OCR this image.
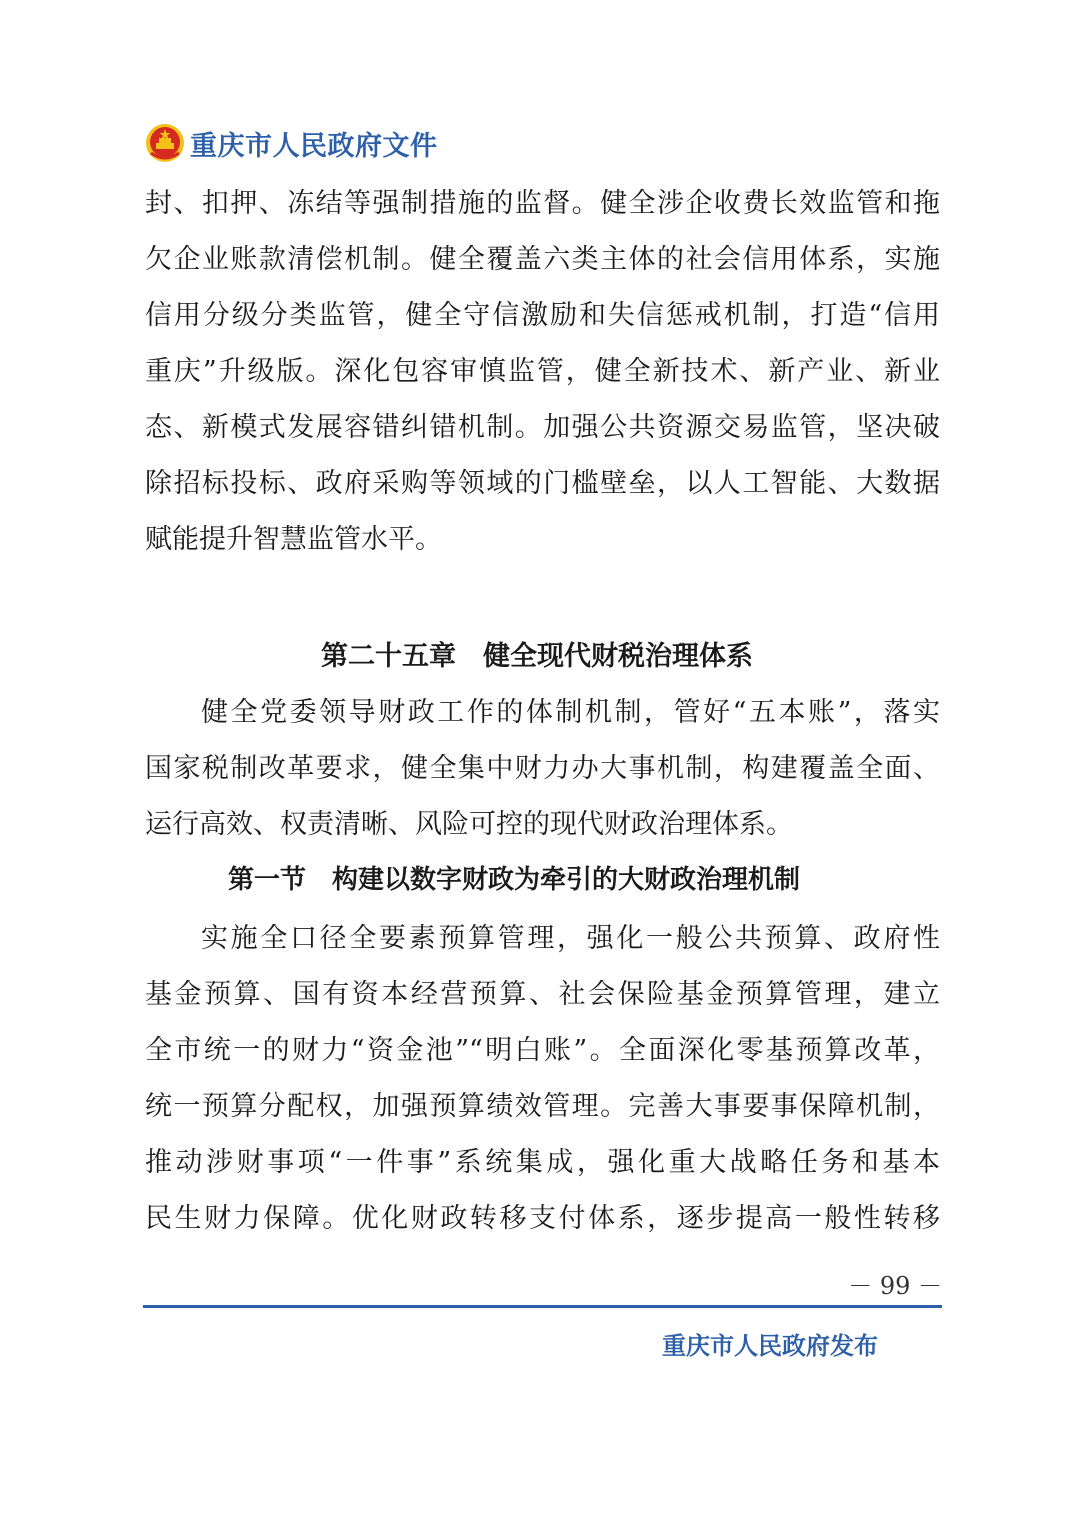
重庆市人民政府文件
封、扣押、冻结等强制措施的监督。健全涉企收费长效监管和拖
欠企业账款清偿机制。健全覆盖六类主体的社会信用体系，实施
信用分级分类监管，健全守信激励和失信惩戒机制，打造“信用
重庆”升级版。深化包容审慎监管，健全新技术、新产业、新业
态、新模式发展容错纠错机制。加强公共资源交易监管，坚决破
除招标投标、政府采购等领域的门槛壁垒，以人工智能、大数据
赋能提升智慧监管水平。
第二十五章　健全现代财税治理体系
健全党委领导财政工作的体制机制，管好“五本账”，落实
国家税制改革要求，健全集中财力办大事机制，构建覆盖全面、
运行高效、权责清晰、风险可控的现代财政治理体系。
第一节　构建以数字财政为牵引的大财政治理机制
实施全口径全要素预算管理，强化一般公共预算、政府性
基金预算、国有资本经营预算、社会保险基金预算管理，建立
全市统一的财力“资金池”“明白账”。全面深化零基预算改革，
统一预算分配权，加强预算绩效管理。完善大事要事保障机制，
推动涉财事项“一件事”系统集成，强化重大战略任务和基本
民生财力保障。优化财政转移支付体系，逐步提高一般性转移
－ 99 －
重庆市人民政府发布
